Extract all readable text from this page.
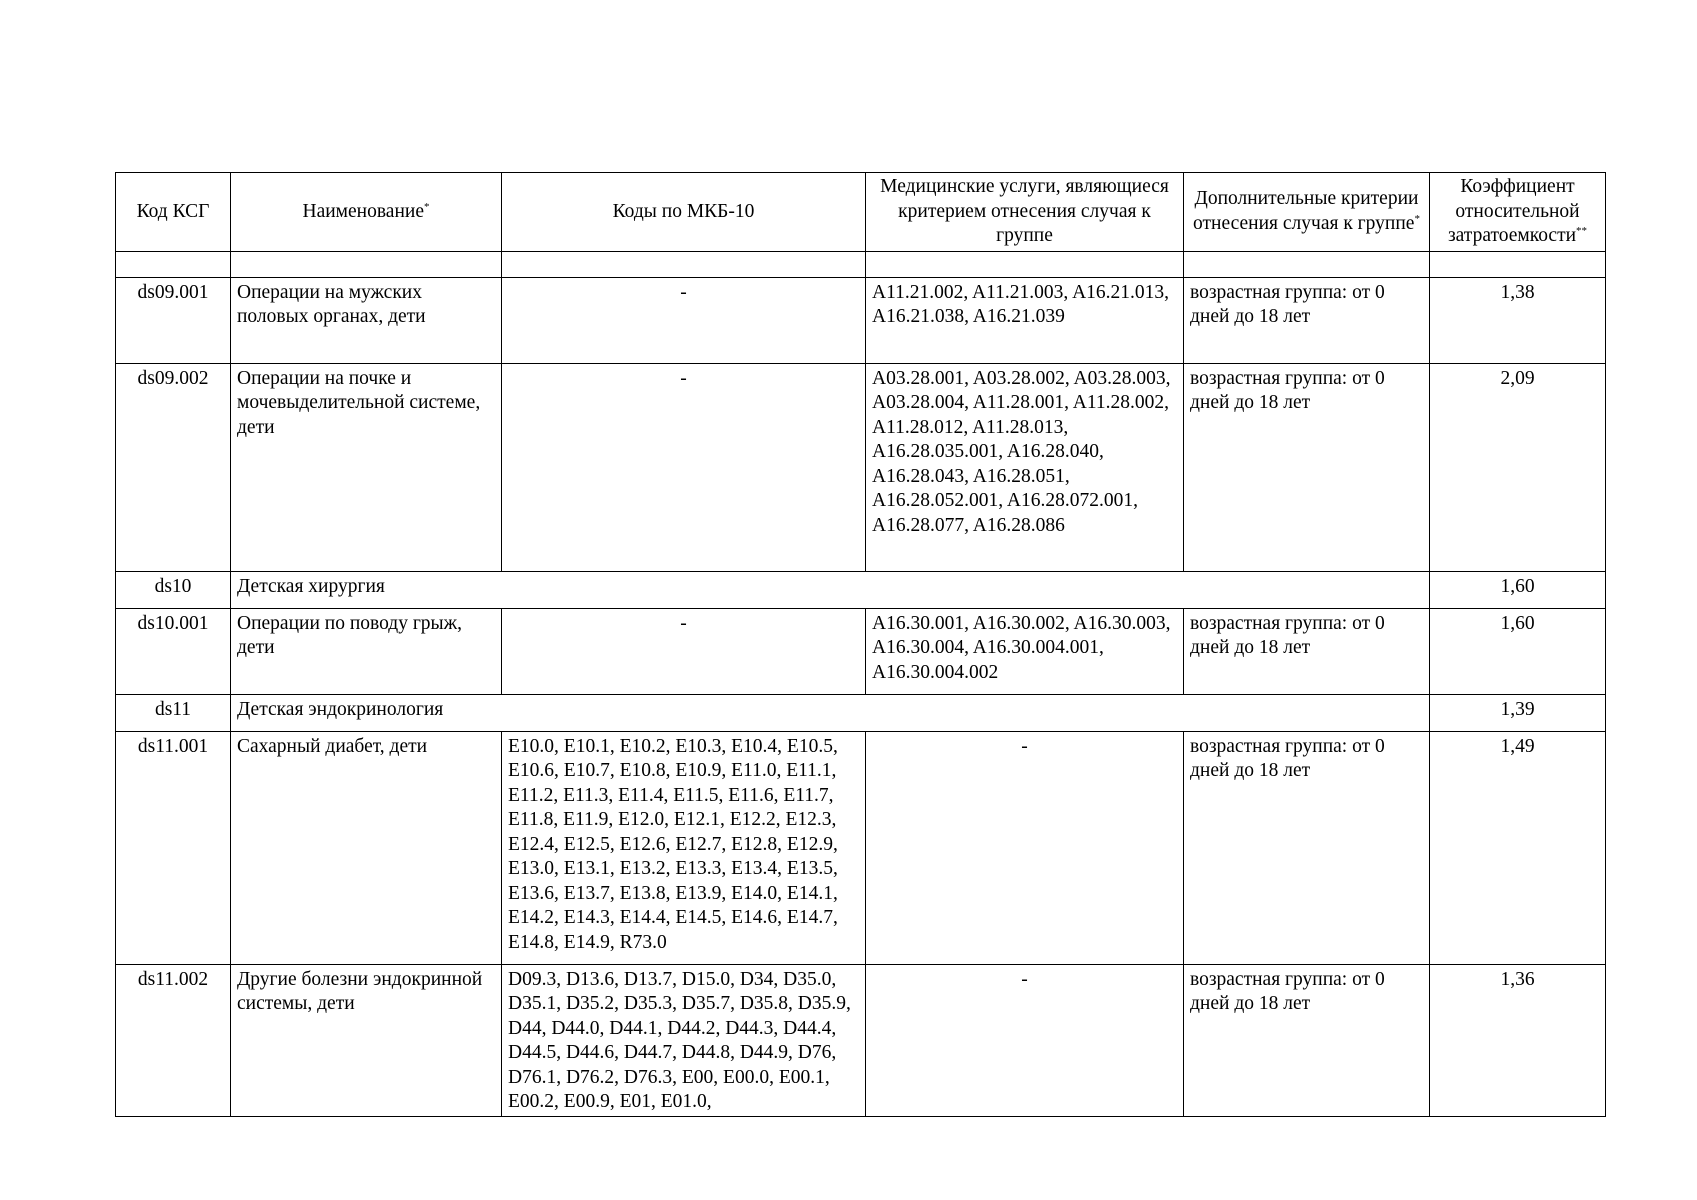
Код КСГ	Наименование*	Коды по МКБ-10	Медицинские услуги, являющиеся критерием отнесения случая к группе	Дополнительные критерии отнесения случая к группе*	Коэффициент относительной затратоемкости**

ds09.001	Операции на мужских половых органах, дети	-	A11.21.002, A11.21.003, A16.21.013, A16.21.038, A16.21.039	возрастная группа: от 0 дней до 18 лет	1,38
ds09.002	Операции на почке и мочевыделительной системе, дети	-	A03.28.001, A03.28.002, A03.28.003, A03.28.004, A11.28.001, A11.28.002, A11.28.012, A11.28.013, A16.28.035.001, A16.28.040, A16.28.043, A16.28.051, A16.28.052.001, A16.28.072.001, A16.28.077, A16.28.086	возрастная группа: от 0 дней до 18 лет	2,09
ds10	Детская хирургия				1,60
ds10.001	Операции по поводу грыж, дети	-	A16.30.001, A16.30.002, A16.30.003, A16.30.004, A16.30.004.001, A16.30.004.002	возрастная группа: от 0 дней до 18 лет	1,60
ds11	Детская эндокринология				1,39
ds11.001	Сахарный диабет, дети	E10.0, E10.1, E10.2, E10.3, E10.4, E10.5, E10.6, E10.7, E10.8, E10.9, E11.0, E11.1, E11.2, E11.3, E11.4, E11.5, E11.6, E11.7, E11.8, E11.9, E12.0, E12.1, E12.2, E12.3, E12.4, E12.5, E12.6, E12.7, E12.8, E12.9, E13.0, E13.1, E13.2, E13.3, E13.4, E13.5, E13.6, E13.7, E13.8, E13.9, E14.0, E14.1, E14.2, E14.3, E14.4, E14.5, E14.6, E14.7, E14.8, E14.9, R73.0	-	возрастная группа: от 0 дней до 18 лет	1,49

ds11.002	Другие болезни эндокринной системы, дети	D09.3, D13.6, D13.7, D15.0, D34, D35.0, D35.1, D35.2, D35.3, D35.7, D35.8, D35.9, D44, D44.0, D44.1, D44.2, D44.3, D44.4, D44.5, D44.6, D44.7, D44.8, D44.9, D76, D76.1, D76.2, D76.3, E00, E00.0, E00.1, E00.2, E00.9, E01, E01.0,	-	возрастная группа: от 0 дней до 18 лет	1,36
